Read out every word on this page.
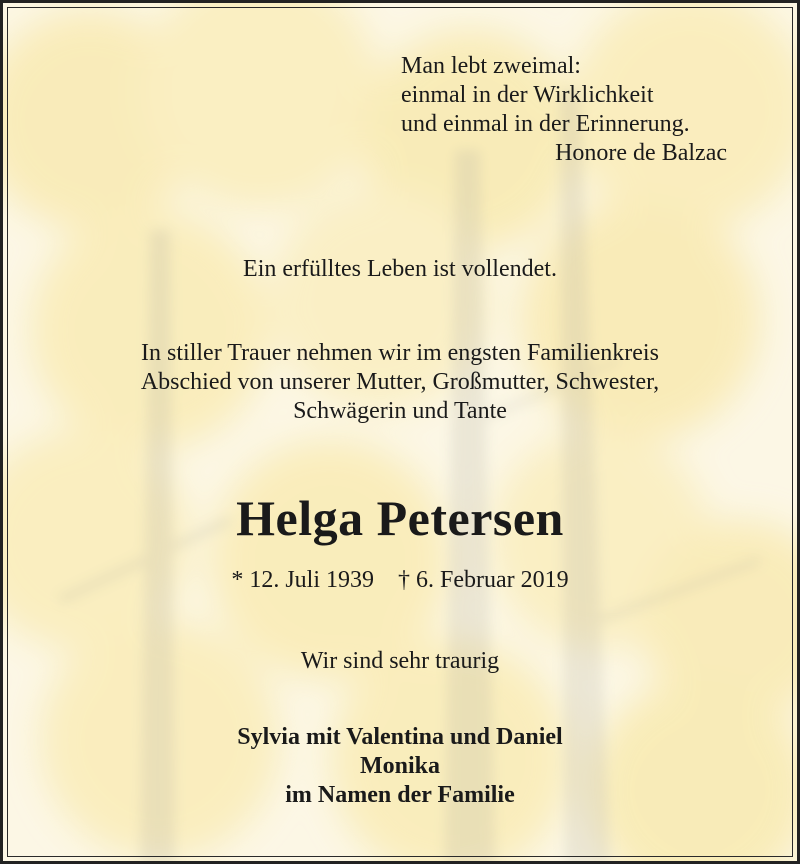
Man lebt zweimal:
einmal in der Wirklichkeit
und einmal in der Erinnerung.
Honore de Balzac
Ein erfülltes Leben ist vollendet.
In stiller Trauer nehmen wir im engsten Familienkreis
Abschied von unserer Mutter, Großmutter, Schwester,
Schwägerin und Tante
Helga Petersen
* 12. Juli 1939 † 6. Februar 2019
Wir sind sehr traurig
Sylvia mit Valentina und Daniel
Monika
im Namen der Familie
